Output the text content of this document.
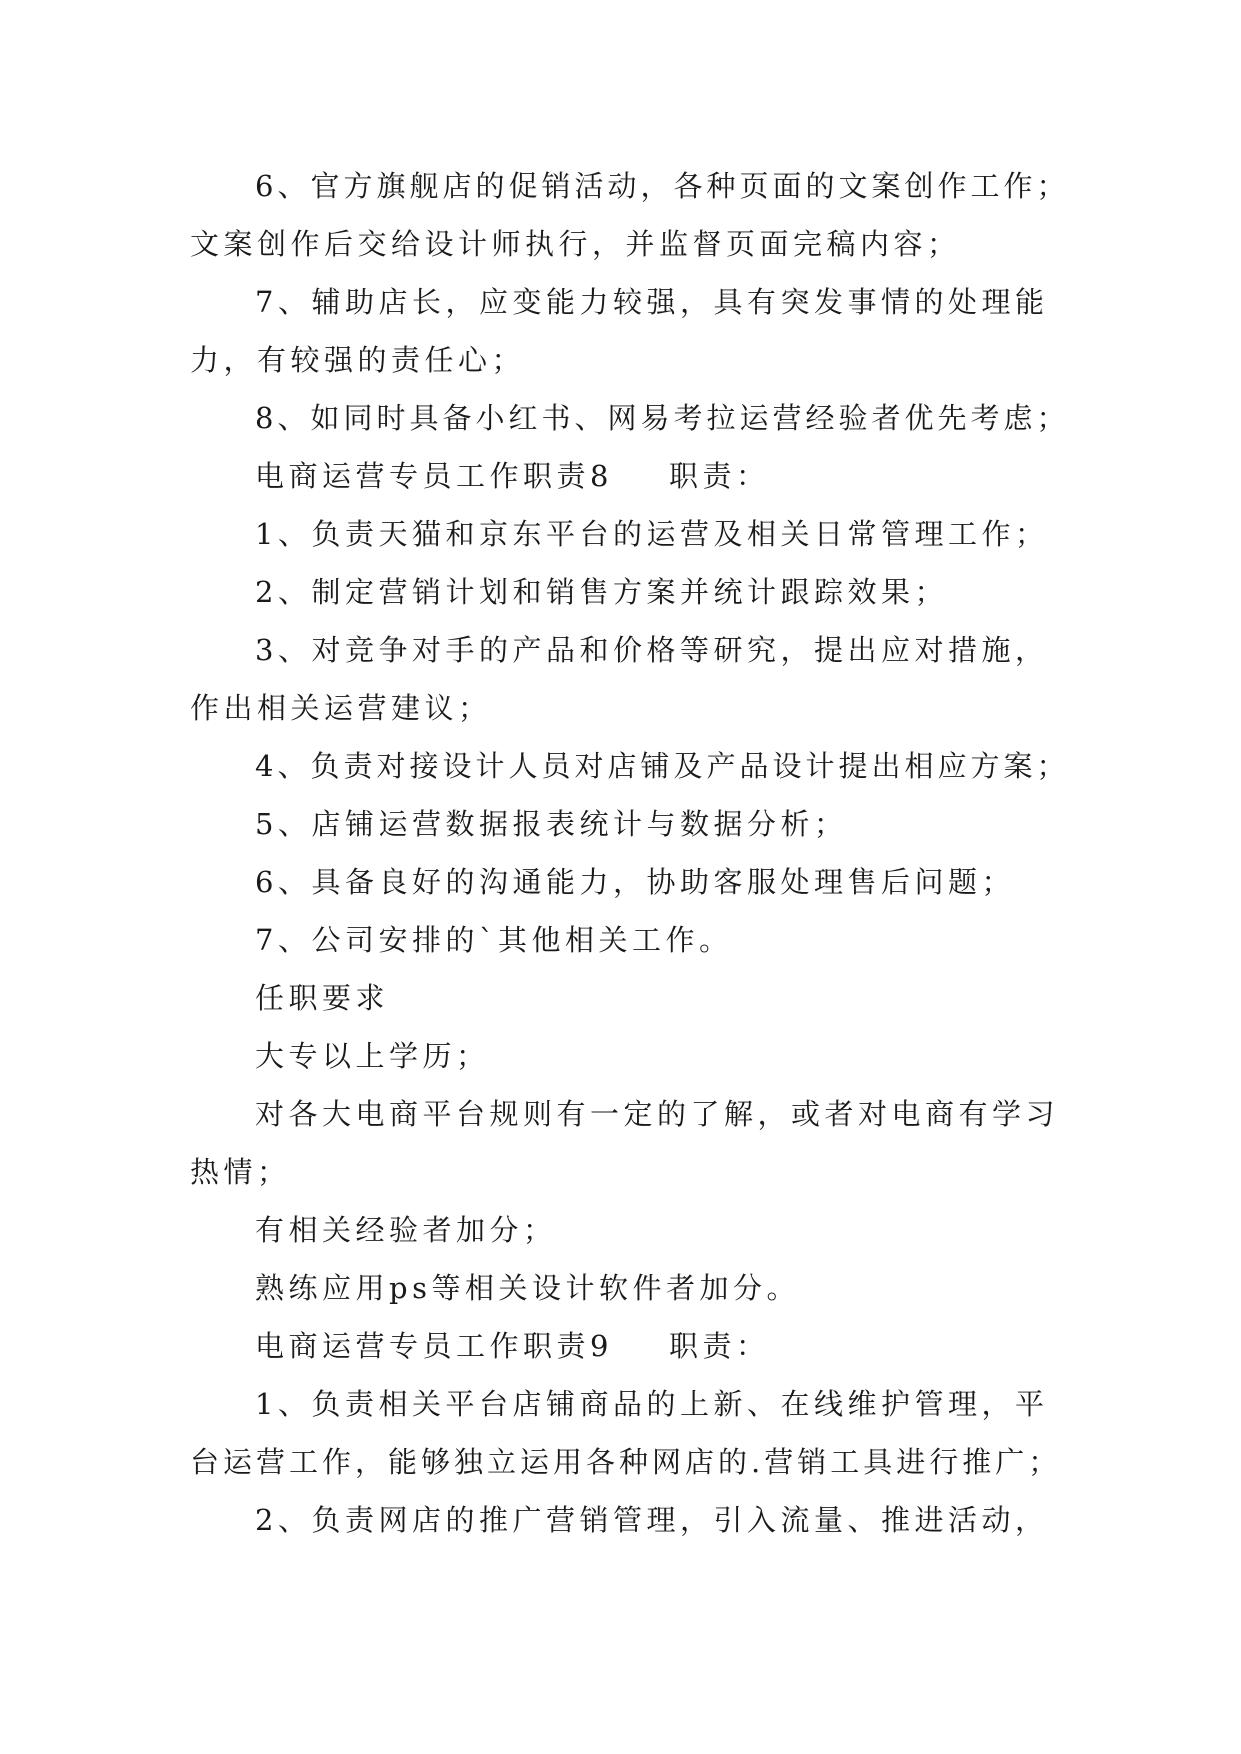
6、官方旗舰店的促销活动，各种页面的文案创作工作；
文案创作后交给设计师执行，并监督页面完稿内容；
7、辅助店长，应变能力较强，具有突发事情的处理能
力，有较强的责任心；
8、如同时具备小红书、网易考拉运营经验者优先考虑；
电商运营专员工作职责8 职责：
1、负责天猫和京东平台的运营及相关日常管理工作；
2、制定营销计划和销售方案并统计跟踪效果；
3、对竞争对手的产品和价格等研究，提出应对措施，
作出相关运营建议；
4、负责对接设计人员对店铺及产品设计提出相应方案；
5、店铺运营数据报表统计与数据分析；
6、具备良好的沟通能力，协助客服处理售后问题；
7、公司安排的`其他相关工作。
任职要求
大专以上学历；
对各大电商平台规则有一定的了解，或者对电商有学习
热情；
有相关经验者加分；
熟练应用ps等相关设计软件者加分。
电商运营专员工作职责9 职责：
1、负责相关平台店铺商品的上新、在线维护管理，平
台运营工作，能够独立运用各种网店的.营销工具进行推广；
2、负责网店的推广营销管理，引入流量、推进活动，
